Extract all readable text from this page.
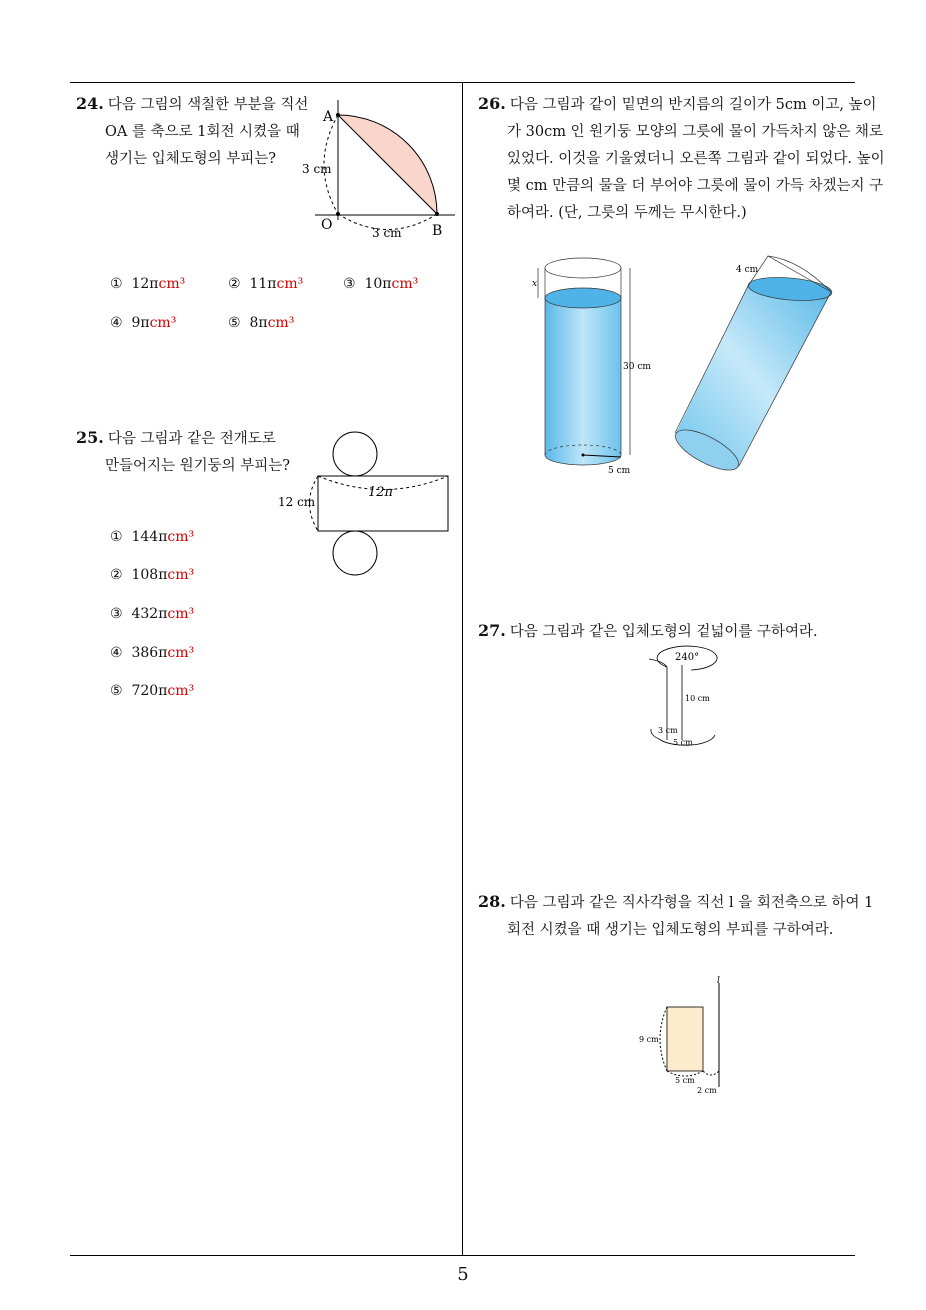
24. 다음 그림의 색칠한 부분을 직선 OA 를 축으로 1회전 시켰을 때 생기는 입체도형의 부피는?
A
O	B
3 cm
3 cm
① 12πcm³	② 11πcm³	③ 10πcm³
④ 9πcm³	⑤ 8πcm³
25. 다음 그림과 같은 전개도로 만들어지는 원기둥의 부피는?
12 cm
12π
① 144πcm³
② 108πcm³
③ 432πcm³
④ 386πcm³
⑤ 720πcm³
26. 다음 그림과 같이 밑면의 반지름의 길이가 5cm 이고, 높이가 30cm 인 원기둥 모양의 그릇에 물이 가득차지 않은 채로 있었다. 이것을 기울였더니 오른쪽 그림과 같이 되었다. 높이 몇 cm 만큼의 물을 더 부어야 그릇에 물이 가득 차겠는지 구하여라. (단, 그릇의 두께는 무시한다.)
x
30 cm
5 cm
4 cm
27. 다음 그림과 같은 입체도형의 겉넓이를 구하여라.
240°
10 cm
3 cm
5 cm
28. 다음 그림과 같은 직사각형을 직선 l 을 회전축으로 하여 1 회전 시켰을 때 생기는 입체도형의 부피를 구하여라.
l
9 cm
5 cm
2 cm
5
